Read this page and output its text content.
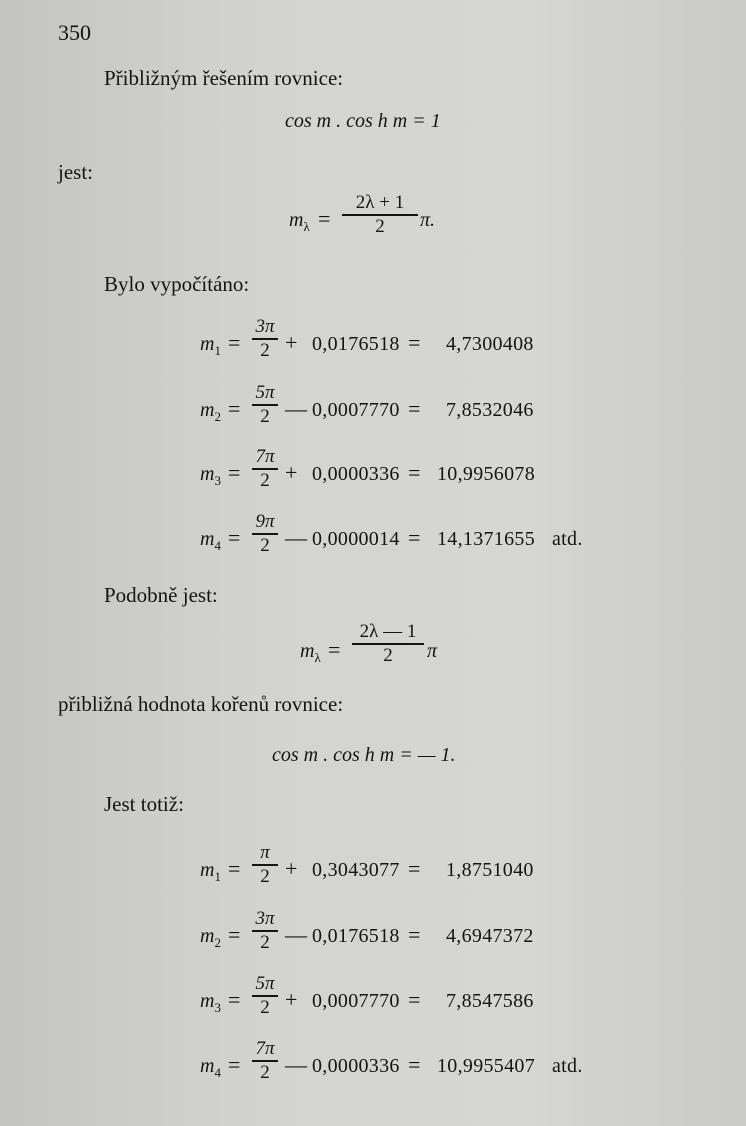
350
Přibližným řešením rovnice:
cos m . cos h m = 1
jest:
$m_\lambda$ =
2λ + 1
2	π.
Bylo vypočítáno:
$m_1$ =
3π
2 + 0,0176518 = 4,7300408
$m_2$ =
5π
2 — 0,0007770 = 7,8532046
$m_3$ =
7π
2 + 0,0000336 = 10,9956078
$m_4$ =
9π
2 — 0,0000014 = 14,1371655 atd.
Podobně jest:
$m_\lambda$ =
2λ — 1
2	π
přibližná hodnota kořenů rovnice:
cos m . cos h m = — 1.
Jest totiž:
$m_1$ =
π
2 + 0,3043077 = 1,8751040
$m_2$ =
3π
2 — 0,0176518 = 4,6947372
$m_3$ =
5π
2 + 0,0007770 = 7,8547586
$m_4$ =
7π
2 — 0,0000336 = 10,9955407 atd.
